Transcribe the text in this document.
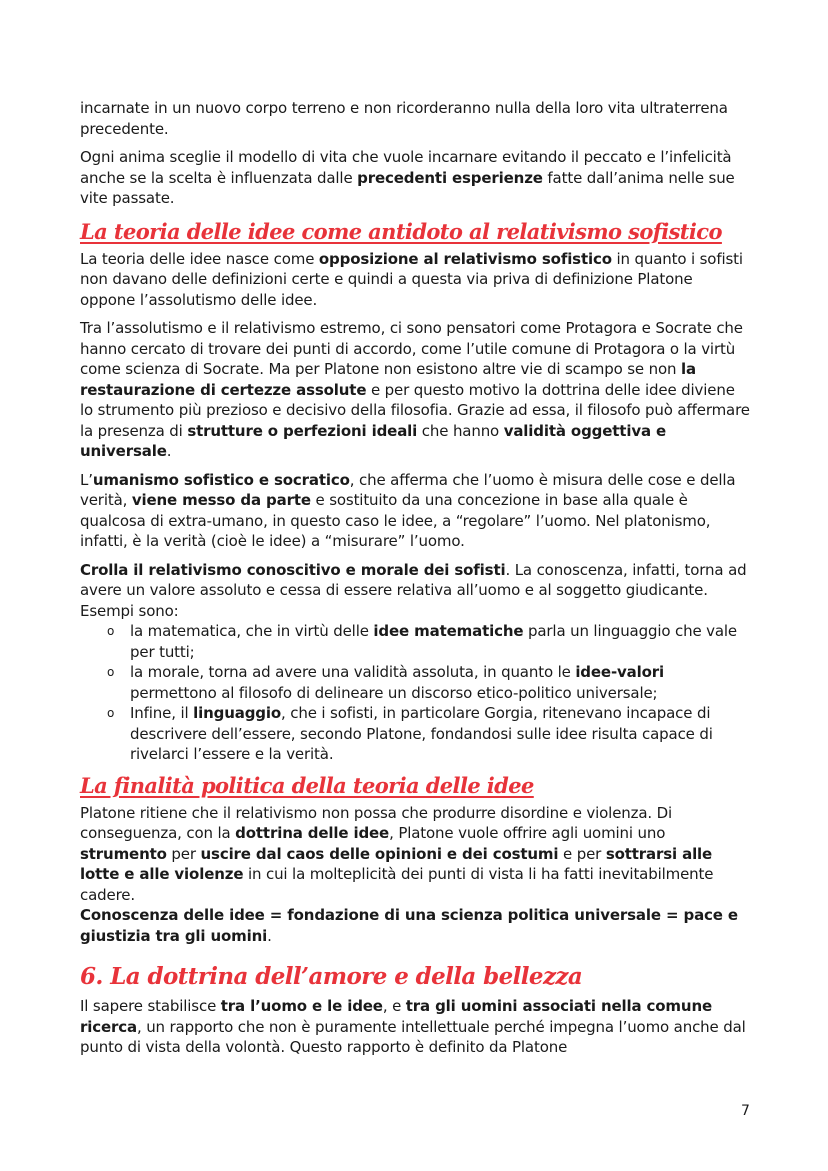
incarnate in un nuovo corpo terreno e non ricorderanno nulla della loro vita ultraterrena precedente.

Ogni anima sceglie il modello di vita che vuole incarnare evitando il peccato e l’infelicità anche se la scelta è influenzata dalle precedenti esperienze fatte dall’anima nelle sue vite passate.

La teoria delle idee come antidoto al relativismo sofistico

La teoria delle idee nasce come opposizione al relativismo sofistico in quanto i sofisti non davano delle definizioni certe e quindi a questa via priva di definizione Platone oppone l’assolutismo delle idee.

Tra l’assolutismo e il relativismo estremo, ci sono pensatori come Protagora e Socrate che hanno cercato di trovare dei punti di accordo, come l’utile comune di Protagora o la virtù come scienza di Socrate. Ma per Platone non esistono altre vie di scampo se non la restaurazione di certezze assolute e per questo motivo la dottrina delle idee diviene lo strumento più prezioso e decisivo della filosofia. Grazie ad essa, il filosofo può affermare la presenza di strutture o perfezioni ideali che hanno validità oggettiva e universale.

L’umanismo sofistico e socratico, che afferma che l’uomo è misura delle cose e della verità, viene messo da parte e sostituito da una concezione in base alla quale è qualcosa di extra-umano, in questo caso le idee, a “regolare” l’uomo. Nel platonismo, infatti, è la verità (cioè le idee) a “misurare” l’uomo.

Crolla il relativismo conoscitivo e morale dei sofisti. La conoscenza, infatti, torna ad avere un valore assoluto e cessa di essere relativa all’uomo e al soggetto giudicante. Esempi sono:

o la matematica, che in virtù delle idee matematiche parla un linguaggio che vale per tutti;
o la morale, torna ad avere una validità assoluta, in quanto le idee-valori permettono al filosofo di delineare un discorso etico-politico universale;
o Infine, il linguaggio, che i sofisti, in particolare Gorgia, ritenevano incapace di descrivere dell’essere, secondo Platone, fondandosi sulle idee risulta capace di rivelarci l’essere e la verità.
La finalità politica della teoria delle idee

Platone ritiene che il relativismo non possa che produrre disordine e violenza. Di conseguenza, con la dottrina delle idee, Platone vuole offrire agli uomini uno strumento per uscire dal caos delle opinioni e dei costumi e per sottrarsi alle lotte e alle violenze in cui la molteplicità dei punti di vista li ha fatti inevitabilmente cadere.

Conoscenza delle idee = fondazione di una scienza politica universale = pace e giustizia tra gli uomini.

6. La dottrina dell’amore e della bellezza

Il sapere stabilisce tra l’uomo e le idee, e tra gli uomini associati nella comune ricerca, un rapporto che non è puramente intellettuale perché impegna l’uomo anche dal punto di vista della volontà. Questo rapporto è definito da Platone

7
